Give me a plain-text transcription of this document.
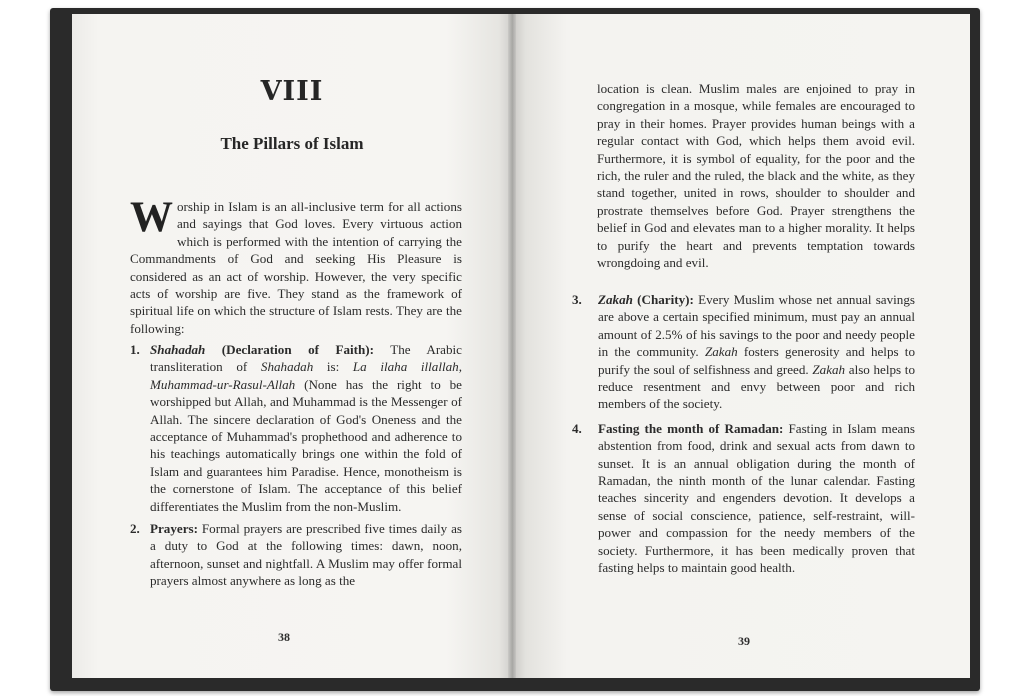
VIII
The Pillars of Islam
Worship in Islam is an all-inclusive term for all actions and sayings that God loves. Every virtuous action which is performed with the intention of carrying the Commandments of God and seeking His Pleasure is considered as an act of worship. However, the very specific acts of worship are five. They stand as the framework of spiritual life on which the structure of Islam rests. They are the following:
1. Shahadah (Declaration of Faith): The Arabic transliteration of Shahadah is: La ilaha illallah, Muhammad-ur-Rasul-Allah (None has the right to be worshipped but Allah, and Muhammad is the Messenger of Allah. The sincere declaration of God's Oneness and the acceptance of Muhammad's prophethood and adherence to his teachings automatically brings one within the fold of Islam and guarantees him Paradise. Hence, monotheism is the cornerstone of Islam. The acceptance of this belief differentiates the Muslim from the non-Muslim.
2. Prayers: Formal prayers are prescribed five times daily as a duty to God at the following times: dawn, noon, afternoon, sunset and nightfall. A Muslim may offer formal prayers almost anywhere as long as the
38
location is clean. Muslim males are enjoined to pray in congregation in a mosque, while females are encouraged to pray in their homes. Prayer provides human beings with a regular contact with God, which helps them avoid evil. Furthermore, it is symbol of equality, for the poor and the rich, the ruler and the ruled, the black and the white, as they stand together, united in rows, shoulder to shoulder and prostrate themselves before God. Prayer strengthens the belief in God and elevates man to a higher morality. It helps to purify the heart and prevents temptation towards wrongdoing and evil.
3. Zakah (Charity): Every Muslim whose net annual savings are above a certain specified minimum, must pay an annual amount of 2.5% of his savings to the poor and needy people in the community. Zakah fosters generosity and helps to purify the soul of selfishness and greed. Zakah also helps to reduce resentment and envy between poor and rich members of the society.
4. Fasting the month of Ramadan: Fasting in Islam means abstention from food, drink and sexual acts from dawn to sunset. It is an annual obligation during the month of Ramadan, the ninth month of the lunar calendar. Fasting teaches sincerity and engenders devotion. It develops a sense of social conscience, patience, self-restraint, will-power and compassion for the needy members of the society. Furthermore, it has been medically proven that fasting helps to maintain good health.
39
